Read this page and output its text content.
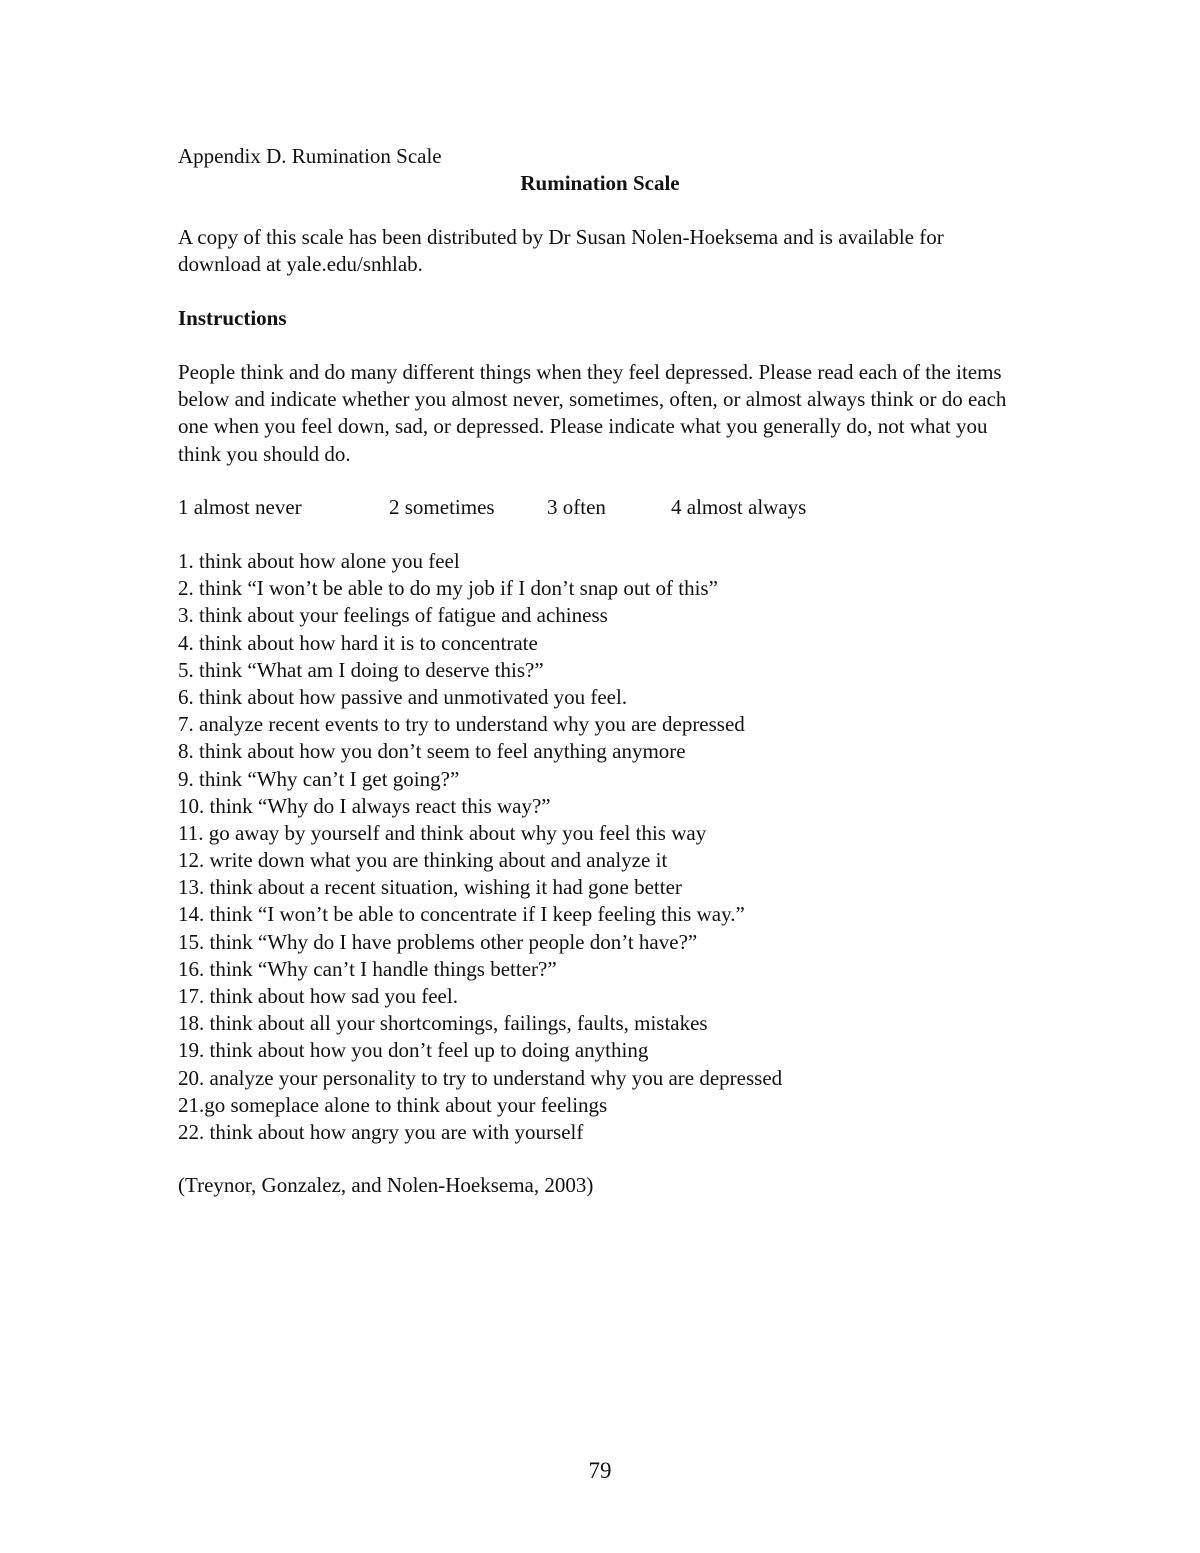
Appendix D. Rumination Scale
Rumination Scale
A copy of this scale has been distributed by Dr Susan Nolen-Hoeksema and is available for download at yale.edu/snhlab.
Instructions
People think and do many different things when they feel depressed. Please read each of the items below and indicate whether you almost never, sometimes, often, or almost always think or do each one when you feel down, sad, or depressed. Please indicate what you generally do, not what you think you should do.
1 almost never	2 sometimes 3 often	4 almost always
1. think about how alone you feel
2. think “I won’t be able to do my job if I don’t snap out of this”
3. think about your feelings of fatigue and achiness
4. think about how hard it is to concentrate
5. think “What am I doing to deserve this?”
6. think about how passive and unmotivated you feel.
7. analyze recent events to try to understand why you are depressed
8. think about how you don’t seem to feel anything anymore
9. think “Why can’t I get going?”
10. think “Why do I always react this way?”
11. go away by yourself and think about why you feel this way
12. write down what you are thinking about and analyze it
13. think about a recent situation, wishing it had gone better
14. think “I won’t be able to concentrate if I keep feeling this way.”
15. think “Why do I have problems other people don’t have?”
16. think “Why can’t I handle things better?”
17. think about how sad you feel.
18. think about all your shortcomings, failings, faults, mistakes
19. think about how you don’t feel up to doing anything
20. analyze your personality to try to understand why you are depressed
21.go someplace alone to think about your feelings
22. think about how angry you are with yourself
(Treynor, Gonzalez, and Nolen-Hoeksema, 2003)
79
